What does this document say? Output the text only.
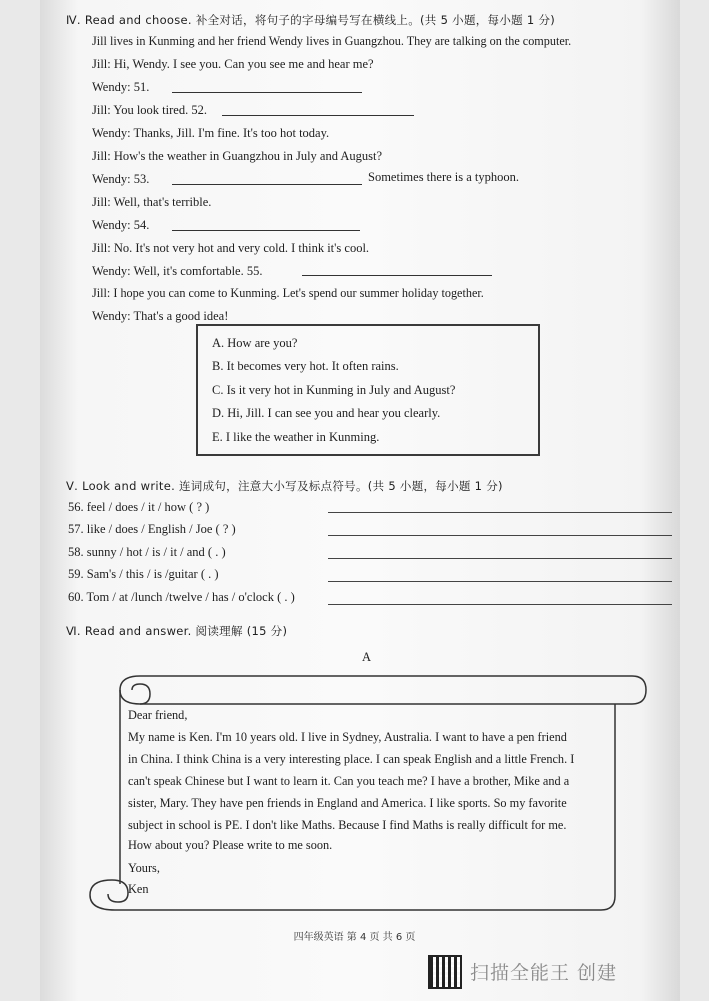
Ⅳ. Read and choose. 补全对话，将句子的字母编号写在横线上。(共 5 小题，每小题 1 分)
Jill lives in Kunming and her friend Wendy lives in Guangzhou. They are talking on the computer.
Jill: Hi, Wendy. I see you. Can you see me and hear me?
Wendy: 51.
Jill: You look tired. 52.
Wendy: Thanks, Jill. I'm fine. It's too hot today.
Jill: How's the weather in Guangzhou in July and August?
Wendy: 53.	Sometimes there is a typhoon.
Jill: Well, that's terrible.
Wendy: 54.
Jill: No. It's not very hot and very cold. I think it's cool.
Wendy: Well, it's comfortable. 55.
Jill: I hope you can come to Kunming. Let's spend our summer holiday together.
Wendy: That's a good idea!
A. How are you?
B. It becomes very hot. It often rains.
C. Is it very hot in Kunming in July and August?
D. Hi, Jill. I can see you and hear you clearly.
E. I like the weather in Kunming.
Ⅴ. Look and write. 连词成句，注意大小写及标点符号。(共 5 小题，每小题 1 分)
56. feel / does / it / how ( ? )
57. like / does / English / Joe ( ? )
58. sunny / hot / is / it / and ( . )
59. Sam's / this / is /guitar ( . )
60. Tom / at /lunch /twelve / has / o'clock ( . )
Ⅵ. Read and answer. 阅读理解 (15 分)
A
Dear friend,
My name is Ken. I'm 10 years old. I live in Sydney, Australia. I want to have a pen friend
in China. I think China is a very interesting place. I can speak English and a little French. I
can't speak Chinese but I want to learn it. Can you teach me? I have a brother, Mike and a
sister, Mary. They have pen friends in England and America. I like sports. So my favorite
subject in school is PE. I don't like Maths. Because I find Maths is really difficult for me.
How about you? Please write to me soon.
Yours,
Ken
四年级英语 第 4 页 共 6 页
扫描全能王 创建
